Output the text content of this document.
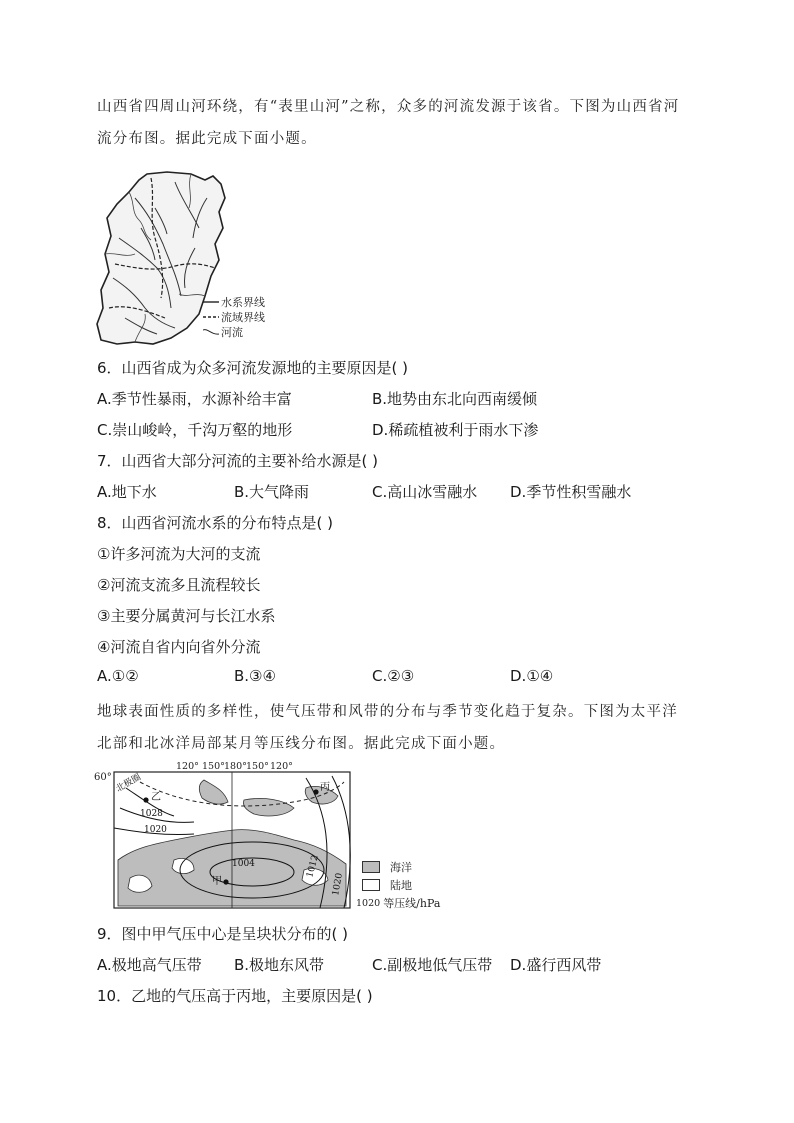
山西省四周山河环绕，有“表里山河”之称，众多的河流发源于该省。下图为山西省河
流分布图。据此完成下面小题。
水系界线
流域界线
河流
6．山西省成为众多河流发源地的主要原因是( )
A.季节性暴雨，水源补给丰富	B.地势由东北向西南缓倾
C.崇山峻岭，千沟万壑的地形	D.稀疏植被利于雨水下渗
7．山西省大部分河流的主要补给水源是( )
A.地下水	B.大气降雨	C.高山冰雪融水 D.季节性积雪融水
8．山西省河流水系的分布特点是( )
①许多河流为大河的支流
②河流支流多且流程较长
③主要分属黄河与长江水系
④河流自省内向省外分流
A.①②	B.③④	C.②③	D.①④
地球表面性质的多样性，使气压带和风带的分布与季节变化趋于复杂。下图为太平洋
北部和北冰洋局部某月等压线分布图。据此完成下面小题。
60°
120° 150° 180° 150° 120°
北极圈
乙
丙
甲
1028
1020
1004	1012
1020
海洋
陆地
1020 等压线/hPa
9．图中甲气压中心是呈块状分布的( )
A.极地高气压带 B.极地东风带	C.副极地低气压带 D.盛行西风带
10．乙地的气压高于丙地，主要原因是( )
